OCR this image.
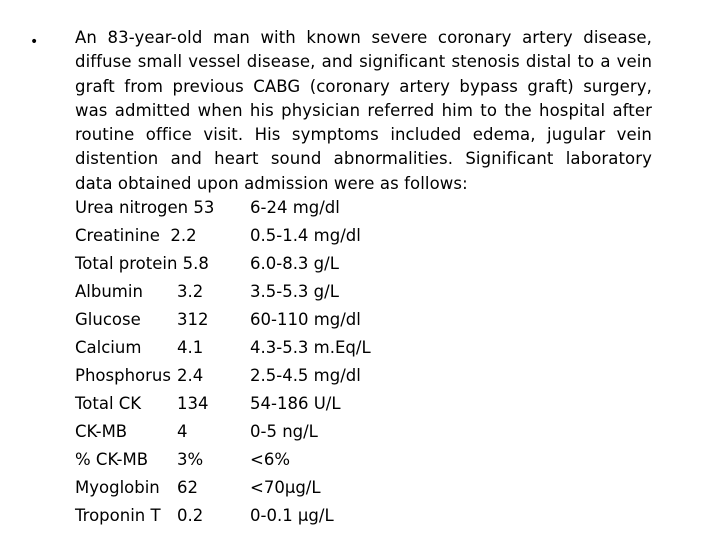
• An 83-year-old man with known severe coronary artery disease, diffuse small vessel disease, and significant stenosis distal to a vein graft from previous CABG (coronary artery bypass graft) surgery, was admitted when his physician referred him to the hospital after routine office visit. His symptoms included edema, jugular vein distention and heart sound abnormalities. Significant laboratory data obtained upon admission were as follows:
Urea nitrogen 53 6-24 mg/dl
Creatinine  2.2	0.5-1.4 mg/dl
Total protein 5.8 6.0-8.3 g/L
Albumin 3.2	3.5-5.3 g/L
Glucose 312	60-110 mg/dl
Calcium 4.1	4.3-5.3 m.Eq/L
Phosphorus 2.4	2.5-4.5 mg/dl
Total CK 134	54-186 U/L
CK-MB	4	0-5 ng/L
% CK-MB 3%	<6%
Myoglobin 62	<70µg/L
Troponin T 0.2	0-0.1 µg/L
